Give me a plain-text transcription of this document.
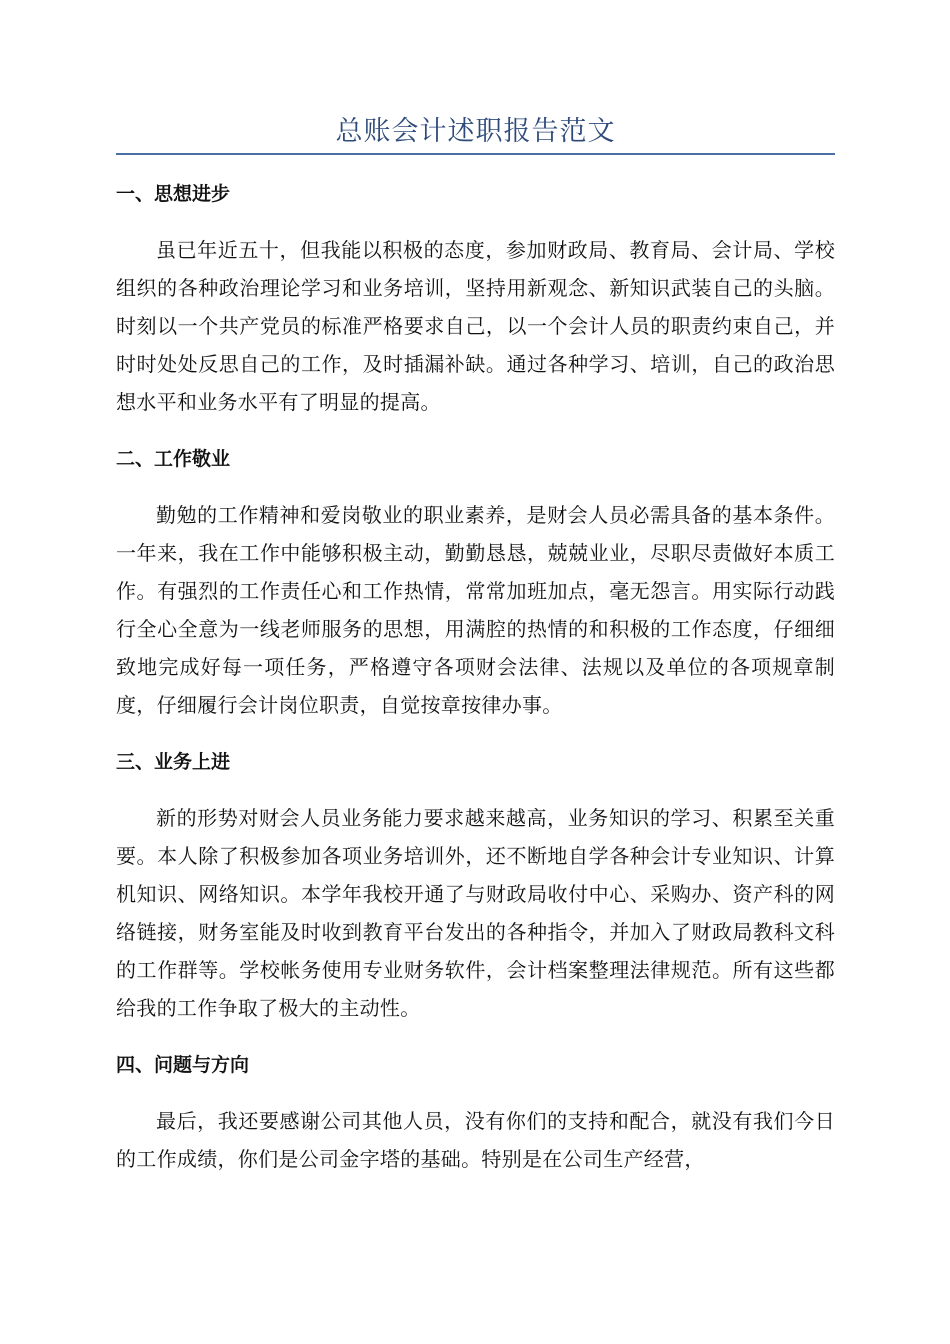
总账会计述职报告范文
一、思想进步

虽已年近五十，但我能以积极的态度，参加财政局、教育局、会计局、学校组织的各种政治理论学习和业务培训，坚持用新观念、新知识武装自己的头脑。时刻以一个共产党员的标准严格要求自己，以一个会计人员的职责约束自己，并时时处处反思自己的工作，及时插漏补缺。通过各种学习、培训，自己的政治思想水平和业务水平有了明显的提高。

二、工作敬业

勤勉的工作精神和爱岗敬业的职业素养，是财会人员必需具备的基本条件。一年来，我在工作中能够积极主动，勤勤恳恳，兢兢业业，尽职尽责做好本质工作。有强烈的工作责任心和工作热情，常常加班加点，毫无怨言。用实际行动践行全心全意为一线老师服务的思想，用满腔的热情的和积极的工作态度，仔细细致地完成好每一项任务，严格遵守各项财会法律、法规以及单位的各项规章制度，仔细履行会计岗位职责，自觉按章按律办事。

三、业务上进

新的形势对财会人员业务能力要求越来越高，业务知识的学习、积累至关重要。本人除了积极参加各项业务培训外，还不断地自学各种会计专业知识、计算机知识、网络知识。本学年我校开通了与财政局收付中心、采购办、资产科的网络链接，财务室能及时收到教育平台发出的各种指令，并加入了财政局教科文科的工作群等。学校帐务使用专业财务软件，会计档案整理法律规范。所有这些都给我的工作争取了极大的主动性。

四、问题与方向

最后，我还要感谢公司其他人员，没有你们的支持和配合，就没有我们今日的工作成绩，你们是公司金字塔的基础。特别是在公司生产经营，
